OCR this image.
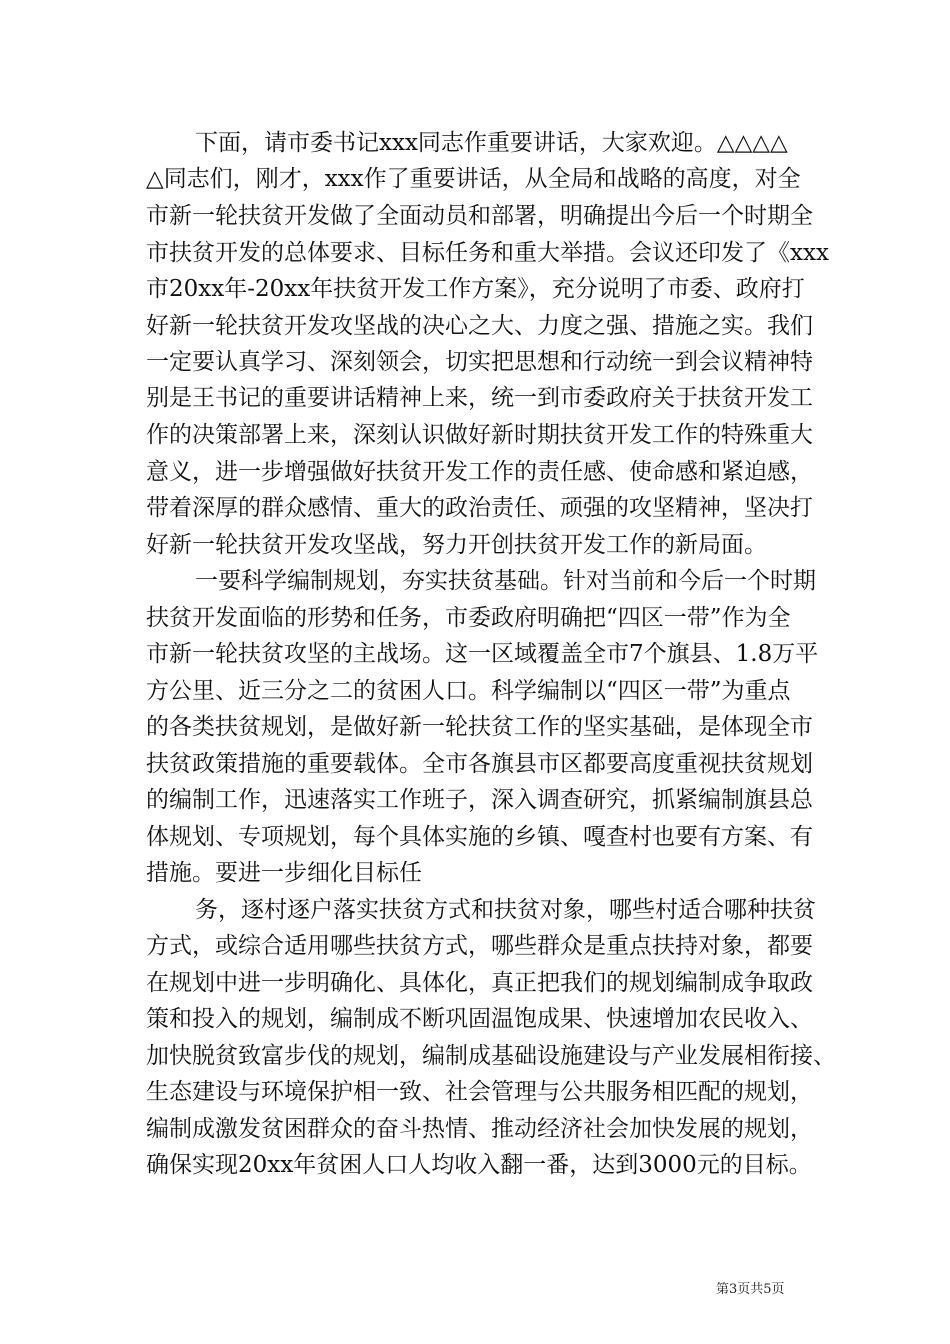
下面，请市委书记xxx同志作重要讲话，大家欢迎。△△△△
△同志们，刚才，xxx作了重要讲话，从全局和战略的高度，对全
市新一轮扶贫开发做了全面动员和部署，明确提出今后一个时期全
市扶贫开发的总体要求、目标任务和重大举措。会议还印发了《xxx
市20xx年-20xx年扶贫开发工作方案》，充分说明了市委、政府打
好新一轮扶贫开发攻坚战的决心之大、力度之强、措施之实。我们
一定要认真学习、深刻领会，切实把思想和行动统一到会议精神特
别是王书记的重要讲话精神上来，统一到市委政府关于扶贫开发工
作的决策部署上来，深刻认识做好新时期扶贫开发工作的特殊重大
意义，进一步增强做好扶贫开发工作的责任感、使命感和紧迫感，
带着深厚的群众感情、重大的政治责任、顽强的攻坚精神，坚决打
好新一轮扶贫开发攻坚战，努力开创扶贫开发工作的新局面。
一要科学编制规划，夯实扶贫基础。针对当前和今后一个时期
扶贫开发面临的形势和任务，市委政府明确把“四区一带”作为全
市新一轮扶贫攻坚的主战场。这一区域覆盖全市7个旗县、1.8万平
方公里、近三分之二的贫困人口。科学编制以“四区一带”为重点
的各类扶贫规划，是做好新一轮扶贫工作的坚实基础，是体现全市
扶贫政策措施的重要载体。全市各旗县市区都要高度重视扶贫规划
的编制工作，迅速落实工作班子，深入调查研究，抓紧编制旗县总
体规划、专项规划，每个具体实施的乡镇、嘎查村也要有方案、有
措施。要进一步细化目标任
务，逐村逐户落实扶贫方式和扶贫对象，哪些村适合哪种扶贫
方式，或综合适用哪些扶贫方式，哪些群众是重点扶持对象，都要
在规划中进一步明确化、具体化，真正把我们的规划编制成争取政
策和投入的规划，编制成不断巩固温饱成果、快速增加农民收入、
加快脱贫致富步伐的规划，编制成基础设施建设与产业发展相衔接、
生态建设与环境保护相一致、社会管理与公共服务相匹配的规划，
编制成激发贫困群众的奋斗热情、推动经济社会加快发展的规划，
确保实现20xx年贫困人口人均收入翻一番，达到3000元的目标。
第3页共5页
